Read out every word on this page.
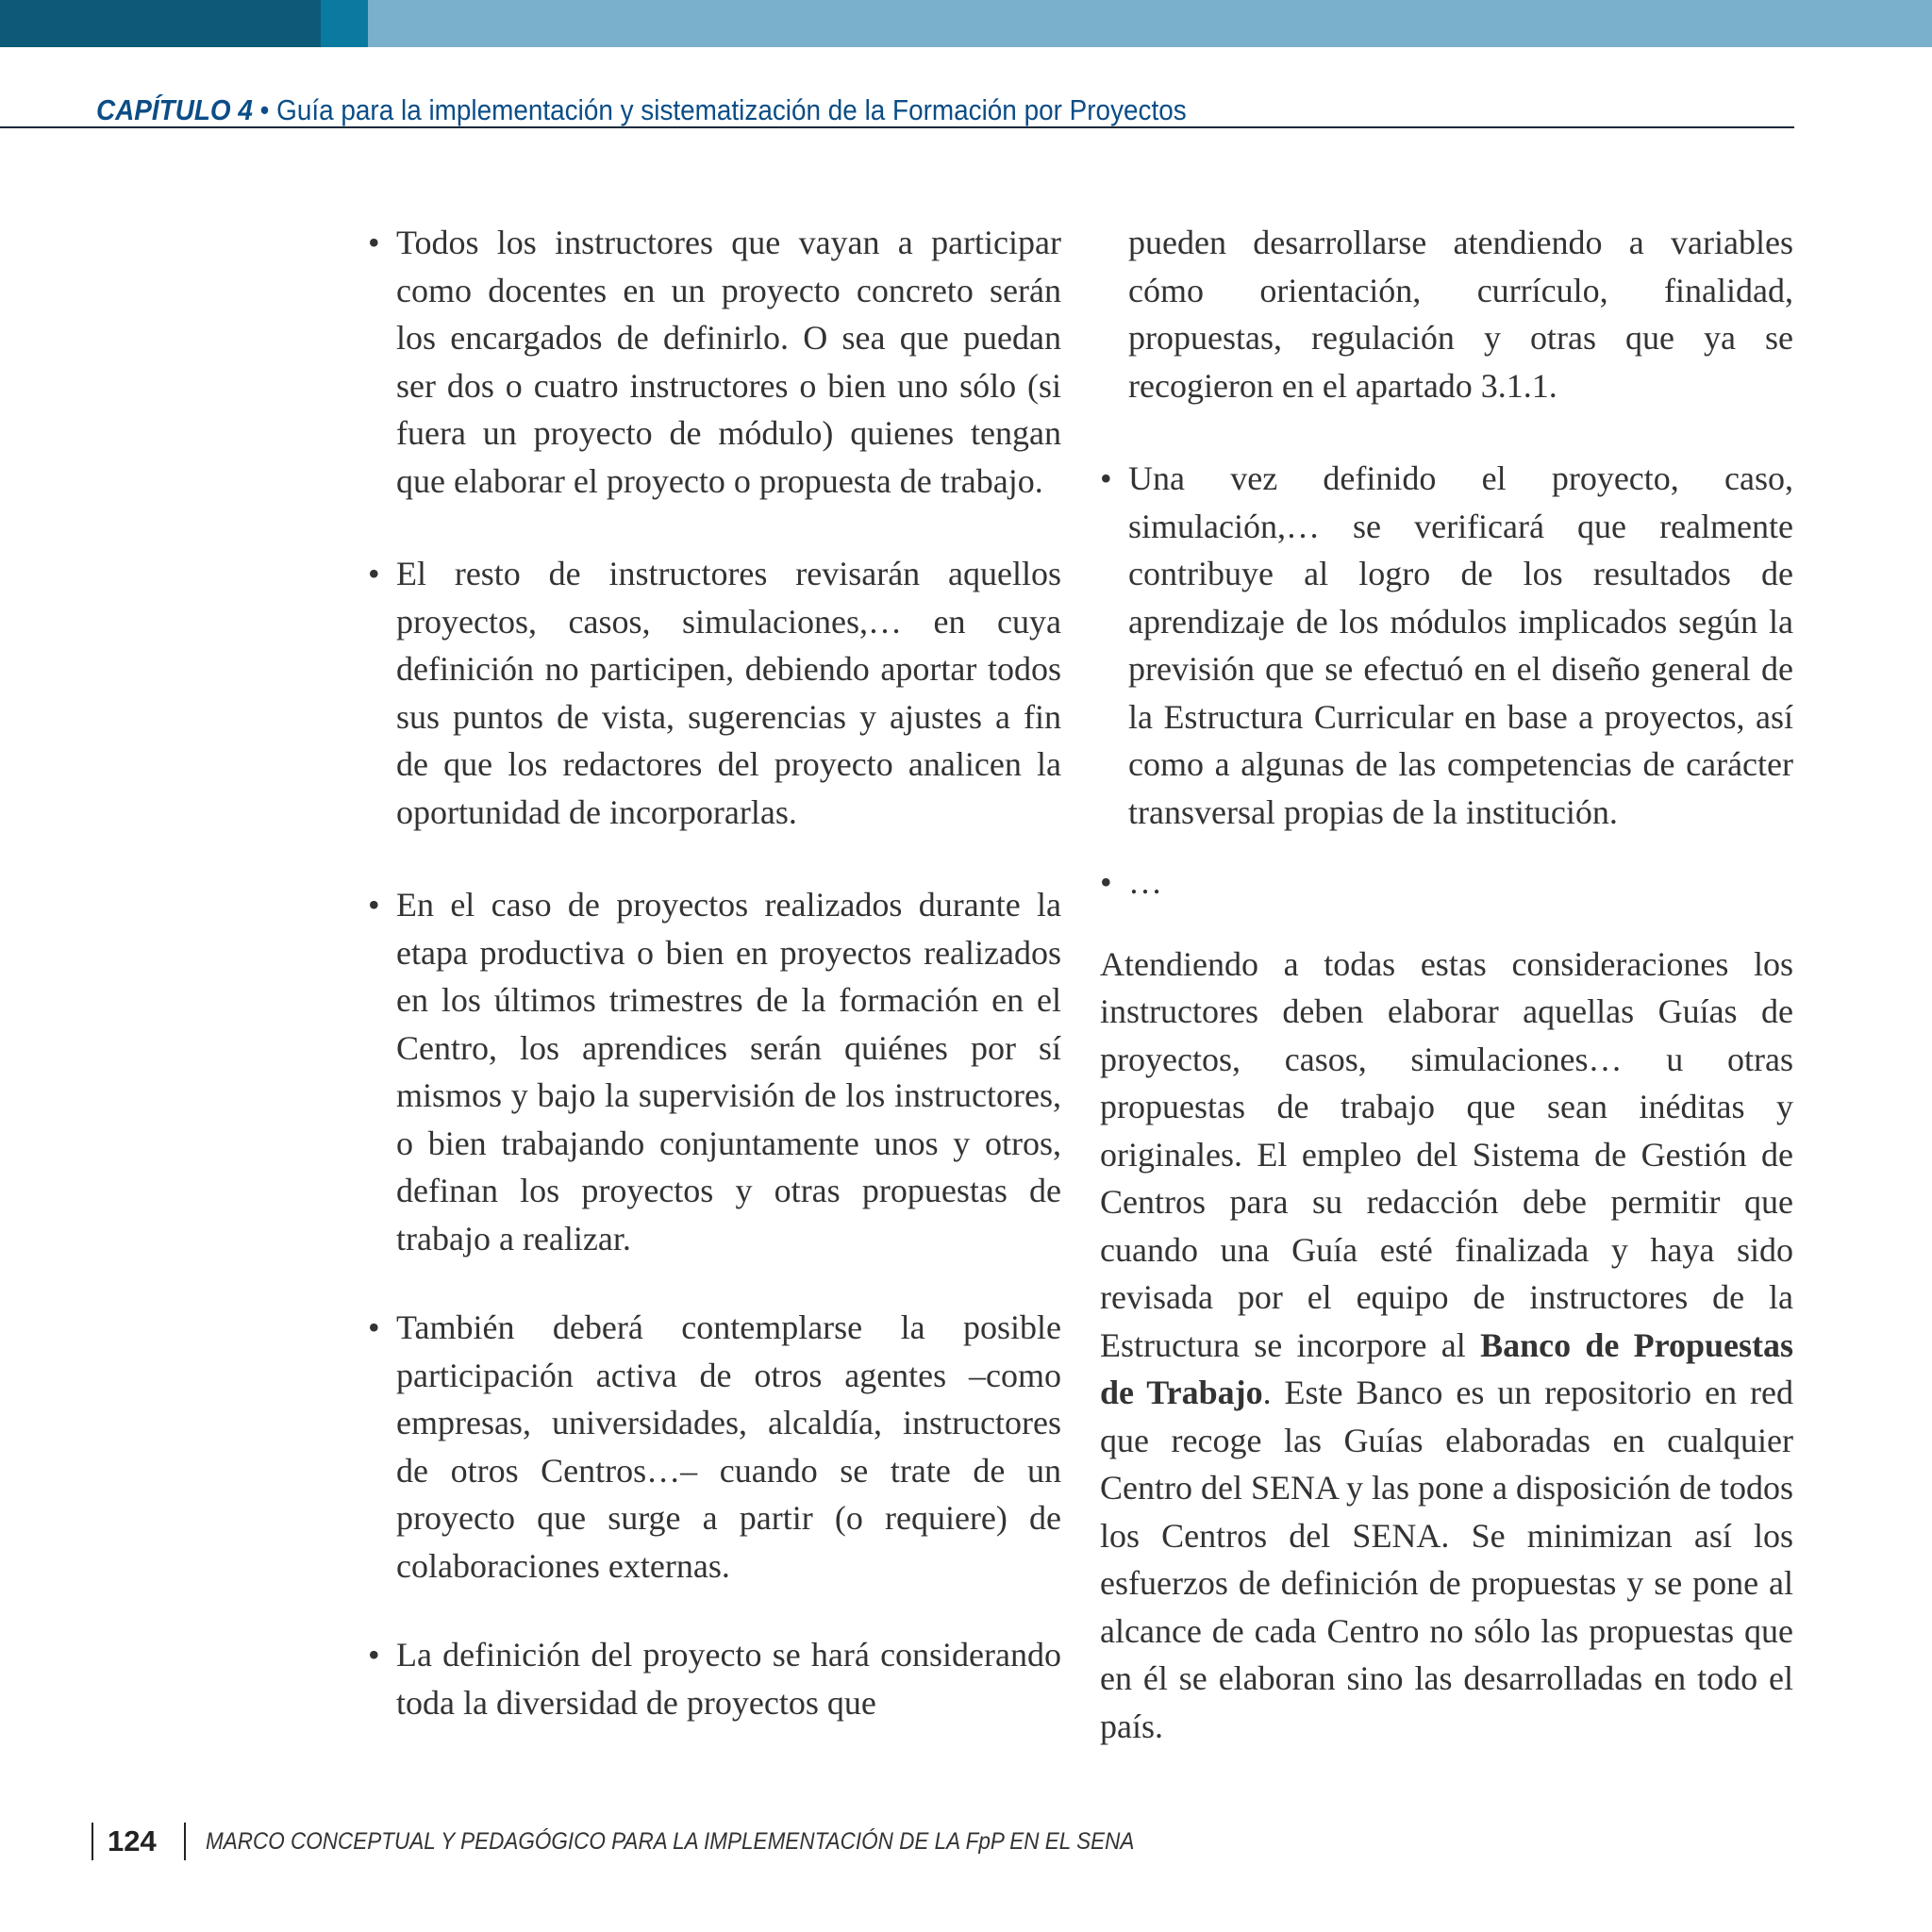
CAPÍTULO 4 • Guía para la implementación y sistematización de la Formación por Proyectos
• Todos los instructores que vayan a participar como docentes en un proyecto concreto serán los encargados de definirlo. O sea que puedan ser dos o cuatro instructores o bien uno sólo (si fuera un proyecto de módulo) quienes tengan que elaborar el proyecto o propuesta de trabajo.

• El resto de instructores revisarán aquellos proyectos, casos, simulaciones,… en cuya definición no participen, debiendo aportar todos sus puntos de vista, sugerencias y ajustes a fin de que los redactores del proyecto analicen la oportunidad de incorporarlas.

• En el caso de proyectos realizados durante la etapa productiva o bien en proyectos realizados en los últimos trimestres de la formación en el Centro, los aprendices serán quiénes por sí mismos y bajo la supervisión de los instructores, o bien trabajando conjuntamente unos y otros, definan los proyectos y otras propuestas de trabajo a realizar.

• También deberá contemplarse la posible participación activa de otros agentes –como empresas, universidades, alcaldía, instructores de otros Centros…– cuando se trate de un proyecto que surge a partir (o requiere) de colaboraciones externas.

• La definición del proyecto se hará considerando toda la diversidad de proyectos que

pueden desarrollarse atendiendo a variables cómo orientación, currículo, finalidad, propuestas, regulación y otras que ya se recogieron en el apartado 3.1.1.

• Una vez definido el proyecto, caso, simulación,… se verificará que realmente contribuye al logro de los resultados de aprendizaje de los módulos implicados según la previsión que se efectuó en el diseño general de la Estructura Curricular en base a proyectos, así como a algunas de las competencias de carácter transversal propias de la institución.

• …

Atendiendo a todas estas consideraciones los instructores deben elaborar aquellas Guías de proyectos, casos, simulaciones… u otras propuestas de trabajo que sean inéditas y originales. El empleo del Sistema de Gestión de Centros para su redacción debe permitir que cuando una Guía esté finalizada y haya sido revisada por el equipo de instructores de la Estructura se incorpore al Banco de Propuestas de Trabajo. Este Banco es un repositorio en red que recoge las Guías elaboradas en cualquier Centro del SENA y las pone a disposición de todos los Centros del SENA. Se minimizan así los esfuerzos de definición de propuestas y se pone al alcance de cada Centro no sólo las propuestas que en él se elaboran sino las desarrolladas en todo el país.

124 MARCO CONCEPTUAL Y PEDAGÓGICO PARA LA IMPLEMENTACIÓN DE LA FpP EN EL SENA
